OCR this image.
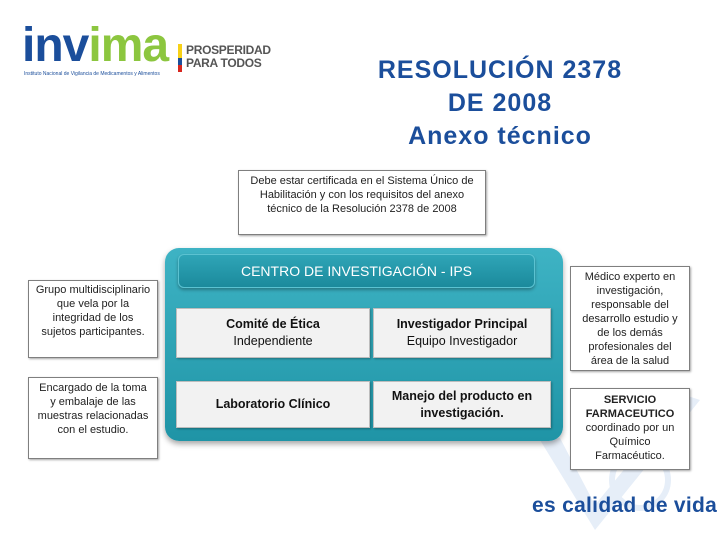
invima
Instituto Nacional de Vigilancia de Medicamentos y Alimentos
PROSPERIDAD
PARA TODOS	RESOLUCIÓN 2378
DE 2008
Anexo técnico
Debe estar certificada en el Sistema Único de Habilitación y con los requisitos del anexo técnico de la Resolución 2378 de 2008
CENTRO DE INVESTIGACIÓN - IPS
Comité de Ética
Independiente
Investigador Principal
Equipo Investigador
Laboratorio Clínico
Manejo del producto en investigación.
Grupo multidisciplinario que vela por la integridad de los sujetos participantes.
Encargado de la toma y embalaje de las muestras relacionadas con el estudio.
Médico experto en investigación, responsable del desarrollo estudio y de los demás profesionales del área de la salud
SERVICIO FARMACEUTICO
coordinado por un Químico Farmacéutico.
es calidad de vida
